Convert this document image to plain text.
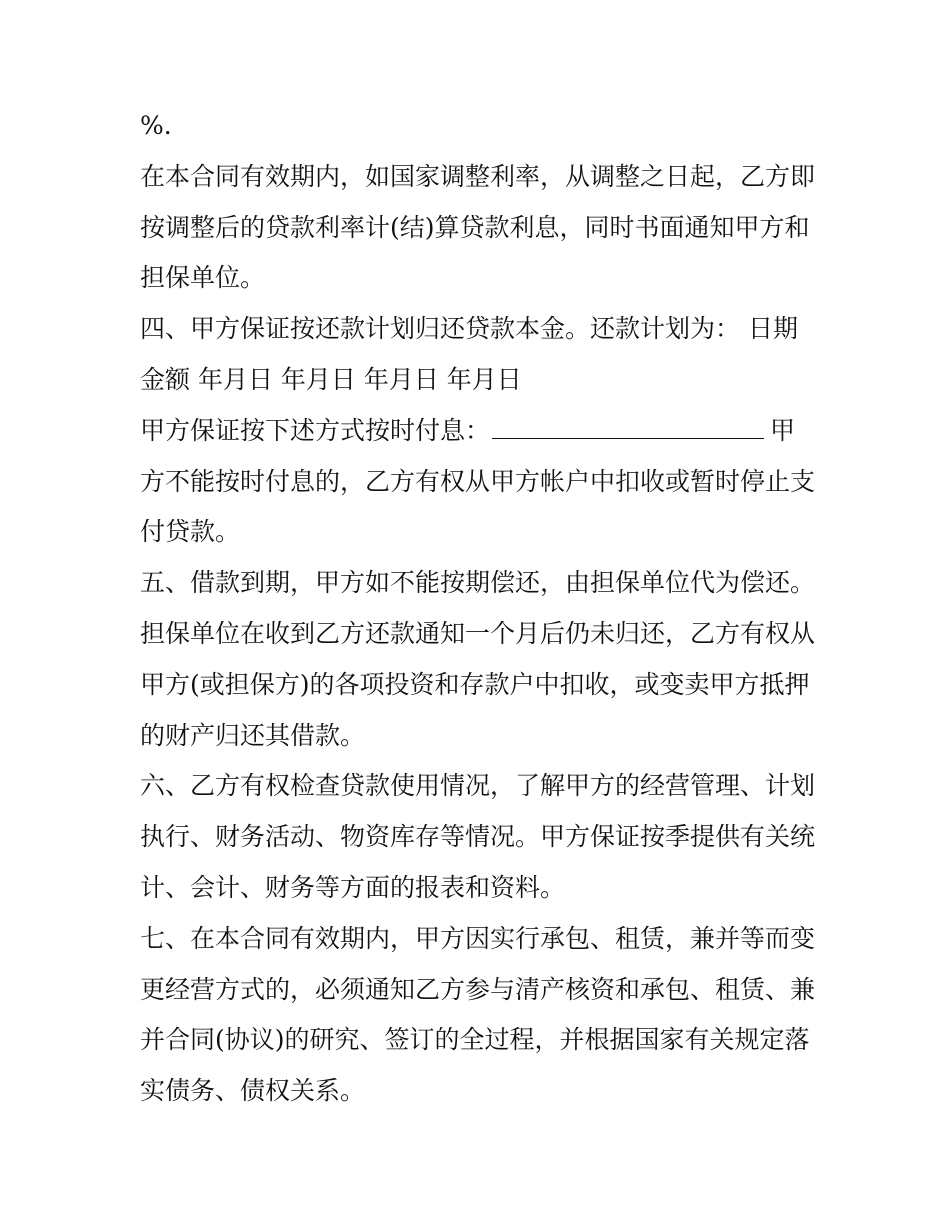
%.
在本合同有效期内，如国家调整利率，从调整之日起，乙方即
按调整后的贷款利率计(结)算贷款利息，同时书面通知甲方和
担保单位。
四、甲方保证按还款计划归还贷款本金。还款计划为： 日期
金额 年月日 年月日 年月日 年月日
甲方保证按下述方式按时付息：	甲
方不能按时付息的，乙方有权从甲方帐户中扣收或暂时停止支
付贷款。
五、借款到期，甲方如不能按期偿还，由担保单位代为偿还。
担保单位在收到乙方还款通知一个月后仍未归还，乙方有权从
甲方(或担保方)的各项投资和存款户中扣收，或变卖甲方抵押
的财产归还其借款。
六、乙方有权检查贷款使用情况，了解甲方的经营管理、计划
执行、财务活动、物资库存等情况。甲方保证按季提供有关统
计、会计、财务等方面的报表和资料。
七、在本合同有效期内，甲方因实行承包、租赁，兼并等而变
更经营方式的，必须通知乙方参与清产核资和承包、租赁、兼
并合同(协议)的研究、签订的全过程，并根据国家有关规定落
实债务、债权关系。
